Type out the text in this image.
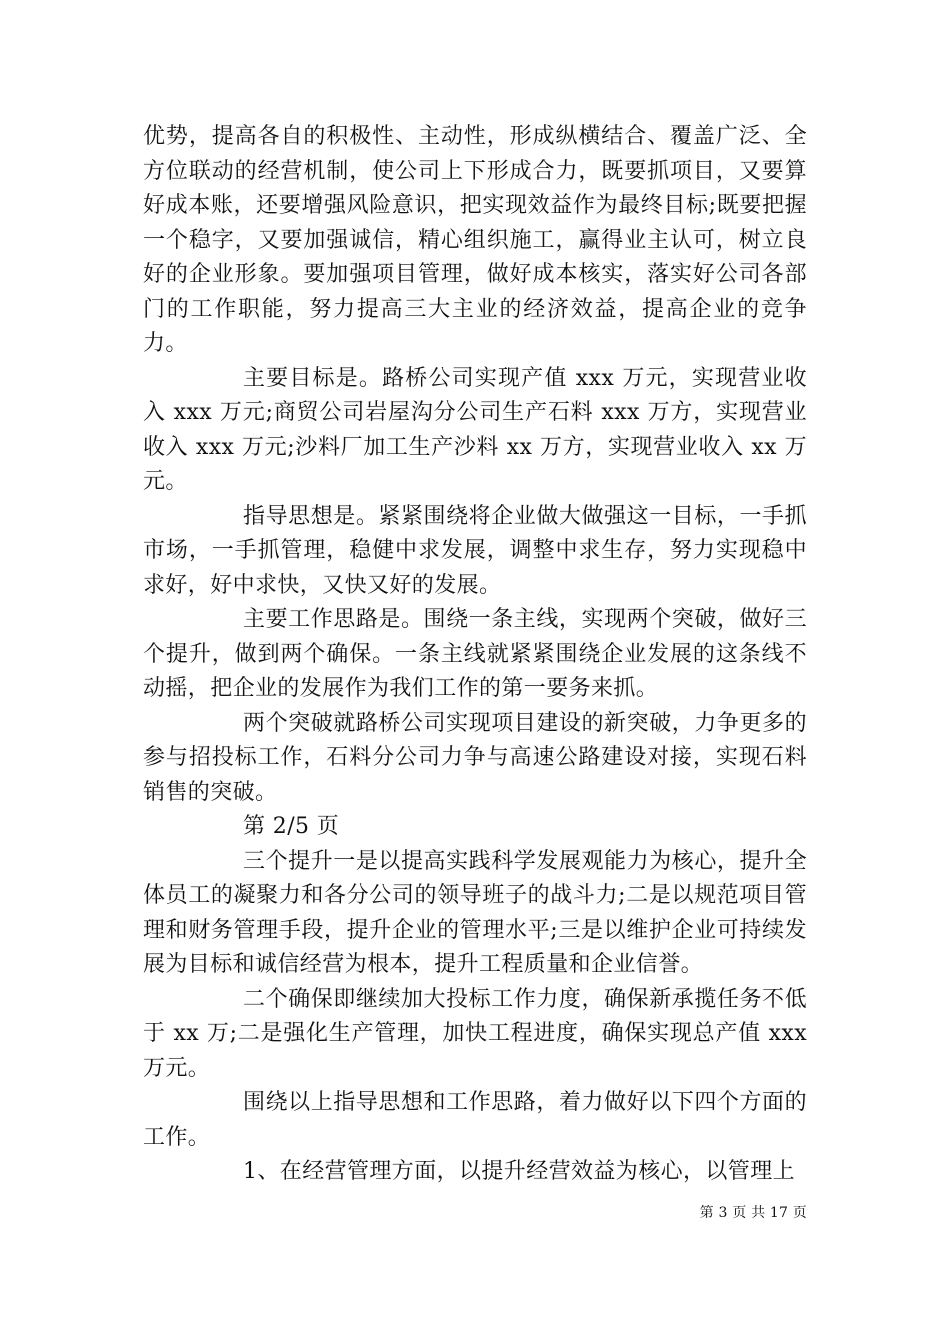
优势，提高各自的积极性、主动性，形成纵横结合、覆盖广泛、全方位联动的经营机制，使公司上下形成合力，既要抓项目，又要算好成本账，还要增强风险意识，把实现效益作为最终目标;既要把握一个稳字，又要加强诚信，精心组织施工，赢得业主认可，树立良好的企业形象。要加强项目管理，做好成本核实，落实好公司各部门的工作职能，努力提高三大主业的经济效益，提高企业的竞争力。

主要目标是。路桥公司实现产值 xxx 万元，实现营业收入 xxx 万元;商贸公司岩屋沟分公司生产石料 xxx 万方，实现营业收入 xxx 万元;沙料厂加工生产沙料 xx 万方，实现营业收入 xx 万元。

指导思想是。紧紧围绕将企业做大做强这一目标，一手抓市场，一手抓管理，稳健中求发展，调整中求生存，努力实现稳中求好，好中求快，又快又好的发展。

主要工作思路是。围绕一条主线，实现两个突破，做好三个提升，做到两个确保。一条主线就紧紧围绕企业发展的这条线不动摇，把企业的发展作为我们工作的第一要务来抓。

两个突破就路桥公司实现项目建设的新突破，力争更多的参与招投标工作，石料分公司力争与高速公路建设对接，实现石料销售的突破。

第 2/5 页

三个提升一是以提高实践科学发展观能力为核心，提升全体员工的凝聚力和各分公司的领导班子的战斗力;二是以规范项目管理和财务管理手段，提升企业的管理水平;三是以维护企业可持续发展为目标和诚信经营为根本，提升工程质量和企业信誉。

二个确保即继续加大投标工作力度，确保新承揽任务不低于 xx 万;二是强化生产管理，加快工程进度，确保实现总产值 xxx 万元。

围绕以上指导思想和工作思路，着力做好以下四个方面的工作。

1、在经营管理方面，以提升经营效益为核心，以管理上

第 3 页 共 17 页
